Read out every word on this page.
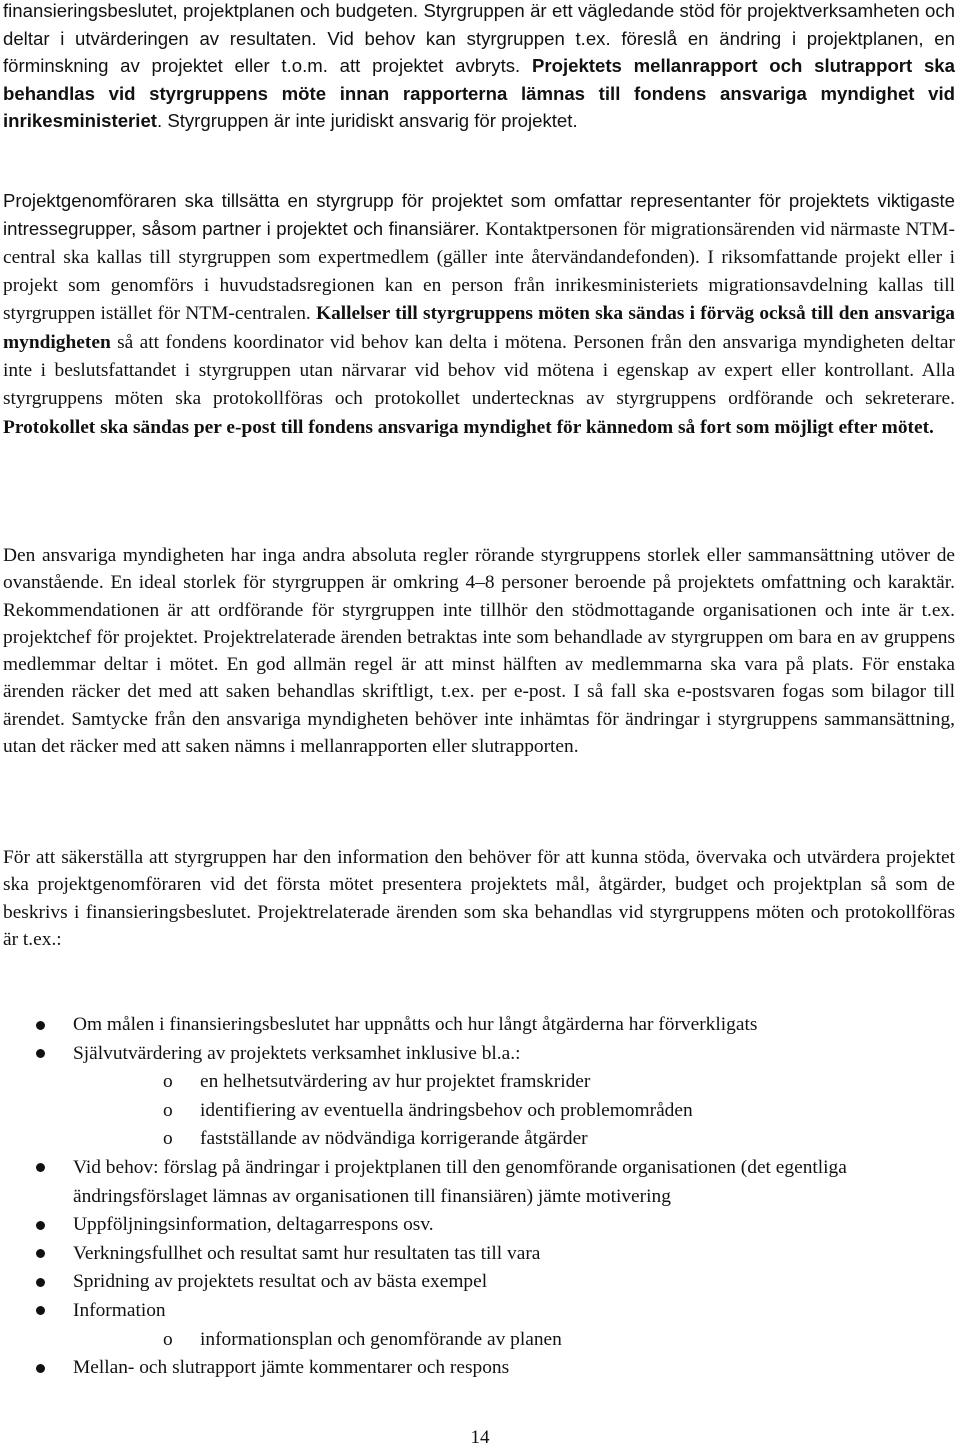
finansieringsbeslutet, projektplanen och budgeten. Styrgruppen är ett vägledande stöd för projektverksamheten och deltar i utvärderingen av resultaten. Vid behov kan styrgruppen t.ex. föreslå en ändring i projektplanen, en förminskning av projektet eller t.o.m. att projektet avbryts. Projektets mellanrapport och slutrapport ska behandlas vid styrgruppens möte innan rapporterna lämnas till fondens ansvariga myndighet vid inrikesministeriet. Styrgruppen är inte juridiskt ansvarig för projektet.

Projektgenomföraren ska tillsätta en styrgrupp för projektet som omfattar representanter för projektets viktigaste intressegrupper, såsom partner i projektet och finansiärer. Kontaktpersonen för migrationsärenden vid närmaste NTM-central ska kallas till styrgruppen som expertmedlem (gäller inte återvändandefonden). I riksomfattande projekt eller i projekt som genomförs i huvudstadsregionen kan en person från inrikesministeriets migrationsavdelning kallas till styrgruppen istället för NTM-centralen. Kallelser till styrgruppens möten ska sändas i förväg också till den ansvariga myndigheten så att fondens koordinator vid behov kan delta i mötena. Personen från den ansvariga myndigheten deltar inte i beslutsfattandet i styrgruppen utan närvarar vid behov vid mötena i egenskap av expert eller kontrollant. Alla styrgruppens möten ska protokollföras och protokollet undertecknas av styrgruppens ordförande och sekreterare. Protokollet ska sändas per e-post till fondens ansvariga myndighet för kännedom så fort som möjligt efter mötet.

Den ansvariga myndigheten har inga andra absoluta regler rörande styrgruppens storlek eller sammansättning utöver de ovanstående. En ideal storlek för styrgruppen är omkring 4–8 personer beroende på projektets omfattning och karaktär. Rekommendationen är att ordförande för styrgruppen inte tillhör den stödmottagande organisationen och inte är t.ex. projektchef för projektet. Projektrelaterade ärenden betraktas inte som behandlade av styrgruppen om bara en av gruppens medlemmar deltar i mötet. En god allmän regel är att minst hälften av medlemmarna ska vara på plats. För enstaka ärenden räcker det med att saken behandlas skriftligt, t.ex. per e-post. I så fall ska e-postsvaren fogas som bilagor till ärendet. Samtycke från den ansvariga myndigheten behöver inte inhämtas för ändringar i styrgruppens sammansättning, utan det räcker med att saken nämns i mellanrapporten eller slutrapporten.

För att säkerställa att styrgruppen har den information den behöver för att kunna stöda, övervaka och utvärdera projektet ska projektgenomföraren vid det första mötet presentera projektets mål, åtgärder, budget och projektplan så som de beskrivs i finansieringsbeslutet. Projektrelaterade ärenden som ska behandlas vid styrgruppens möten och protokollföras är t.ex.:

Om målen i finansieringsbeslutet har uppnåtts och hur långt åtgärderna har förverkligats
Självutvärdering av projektets verksamhet inklusive bl.a.:
o en helhetsutvärdering av hur projektet framskrider
o identifiering av eventuella ändringsbehov och problemområden
o fastställande av nödvändiga korrigerande åtgärder
Vid behov: förslag på ändringar i projektplanen till den genomförande organisationen (det egentliga ändringsförslaget lämnas av organisationen till finansiären) jämte motivering
Uppföljningsinformation, deltagarrespons osv.
Verkningsfullhet och resultat samt hur resultaten tas till vara
Spridning av projektets resultat och av bästa exempel
Information
o informationsplan och genomförande av planen
Mellan- och slutrapport jämte kommentarer och respons
14
